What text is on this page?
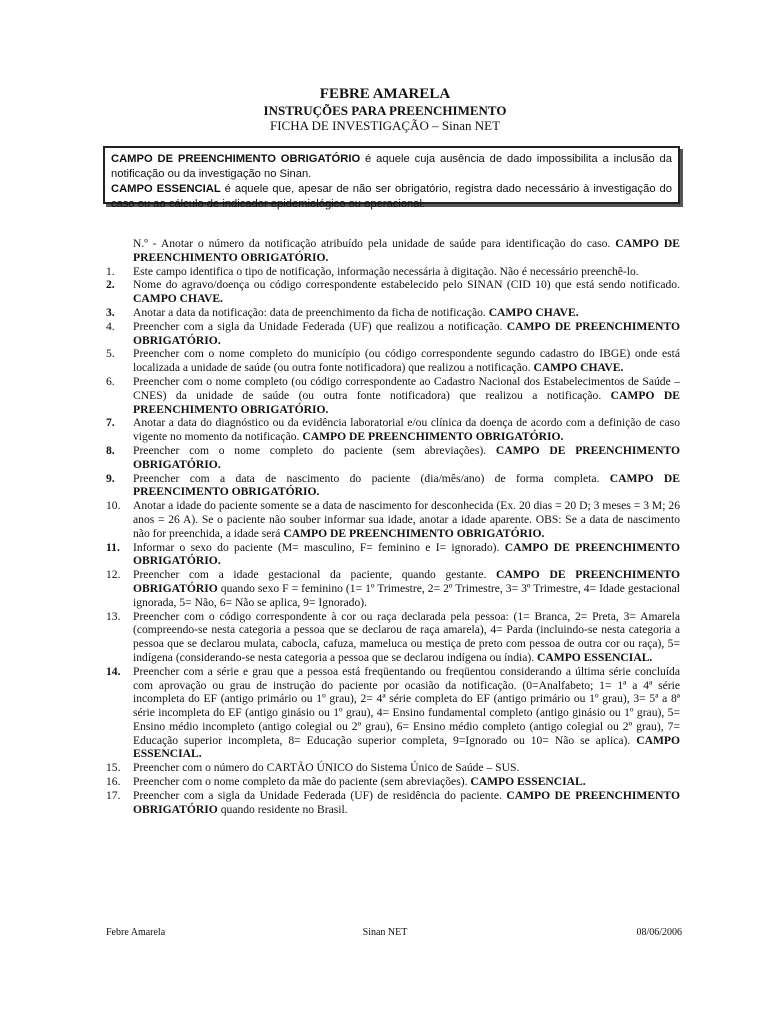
FEBRE AMARELA
INSTRUÇÕES PARA PREENCHIMENTO
FICHA DE INVESTIGAÇÃO – Sinan NET
CAMPO DE PREENCHIMENTO OBRIGATÓRIO é aquele cuja ausência de dado impossibilita a inclusão da notificação ou da investigação no Sinan.
CAMPO ESSENCIAL é aquele que, apesar de não ser obrigatório, registra dado necessário à investigação do caso ou ao cálculo de indicador epidemiológico ou operacional.
N.º - Anotar o número da notificação atribuído pela unidade de saúde para identificação do caso. CAMPO DE PREENCHIMENTO OBRIGATÓRIO.
1.	Este campo identifica o tipo de notificação, informação necessária à digitação. Não é necessário preenchê-lo.
2.	Nome do agravo/doença ou código correspondente estabelecido pelo SINAN (CID 10) que está sendo notificado. CAMPO CHAVE.
3.	Anotar a data da notificação: data de preenchimento da ficha de notificação. CAMPO CHAVE.
4.	Preencher com a sigla da Unidade Federada (UF) que realizou a notificação. CAMPO DE PREENCHIMENTO OBRIGATÓRIO.
5.	Preencher com o nome completo do município (ou código correspondente segundo cadastro do IBGE) onde está localizada a unidade de saúde (ou outra fonte notificadora) que realizou a notificação. CAMPO CHAVE.
6.	Preencher com o nome completo (ou código correspondente ao Cadastro Nacional dos Estabelecimentos de Saúde – CNES) da unidade de saúde (ou outra fonte notificadora) que realizou a notificação. CAMPO DE PREENCHIMENTO OBRIGATÓRIO.
7.	Anotar a data do diagnóstico ou da evidência laboratorial e/ou clínica da doença de acordo com a definição de caso vigente no momento da notificação. CAMPO DE PREENCHIMENTO OBRIGATÓRIO.
8.	Preencher com o nome completo do paciente (sem abreviações). CAMPO DE PREENCHIMENTO OBRIGATÓRIO.
9.	Preencher com a data de nascimento do paciente (dia/mês/ano) de forma completa. CAMPO DE PREENCIMENTO OBRIGATÓRIO.
10.	Anotar a idade do paciente somente se a data de nascimento for desconhecida (Ex. 20 dias = 20 D; 3 meses = 3 M; 26 anos = 26 A). Se o paciente não souber informar sua idade, anotar a idade aparente. OBS: Se a data de nascimento não for preenchida, a idade será CAMPO DE PREENCHIMENTO OBRIGATÓRIO.
11.	Informar o sexo do paciente (M= masculino, F= feminino e I= ignorado). CAMPO DE PREENCHIMENTO OBRIGATÓRIO.
12.	Preencher com a idade gestacional da paciente, quando gestante. CAMPO DE PREENCHIMENTO OBRIGATÓRIO quando sexo F = feminino (1= 1º Trimestre, 2= 2º Trimestre, 3= 3º Trimestre, 4= Idade gestacional ignorada, 5= Não, 6= Não se aplica, 9= Ignorado).
13.	Preencher com o código correspondente à cor ou raça declarada pela pessoa: (1= Branca, 2= Preta, 3= Amarela (compreendo-se nesta categoria a pessoa que se declarou de raça amarela), 4= Parda (incluindo-se nesta categoria a pessoa que se declarou mulata, cabocla, cafuza, mameluca ou mestiça de preto com pessoa de outra cor ou raça), 5= indígena (considerando-se nesta categoria a pessoa que se declarou indígena ou índia). CAMPO ESSENCIAL.
14.	Preencher com a série e grau que a pessoa está freqüentando ou freqüentou considerando a última série concluída com aprovação ou grau de instrução do paciente por ocasião da notificação. (0=Analfabeto; 1= 1ª a 4ª série incompleta do EF (antigo primário ou 1º grau), 2= 4ª série completa do EF (antigo primário ou 1º grau), 3= 5ª a 8ª série incompleta do EF (antigo ginásio ou 1º grau), 4= Ensino fundamental completo (antigo ginásio ou 1º grau), 5= Ensino médio incompleto (antigo colegial ou 2º grau), 6= Ensino médio completo (antigo colegial ou 2º grau), 7= Educação superior incompleta, 8= Educação superior completa, 9=Ignorado ou 10= Não se aplica). CAMPO ESSENCIAL.
15.	Preencher com o número do CARTÃO ÚNICO do Sistema Único de Saúde – SUS.
16.	Preencher com o nome completo da mãe do paciente (sem abreviações). CAMPO ESSENCIAL.
17.	Preencher com a sigla da Unidade Federada (UF) de residência do paciente. CAMPO DE PREENCHIMENTO OBRIGATÓRIO quando residente no Brasil.
Febre Amarela	Sinan NET	08/06/2006
